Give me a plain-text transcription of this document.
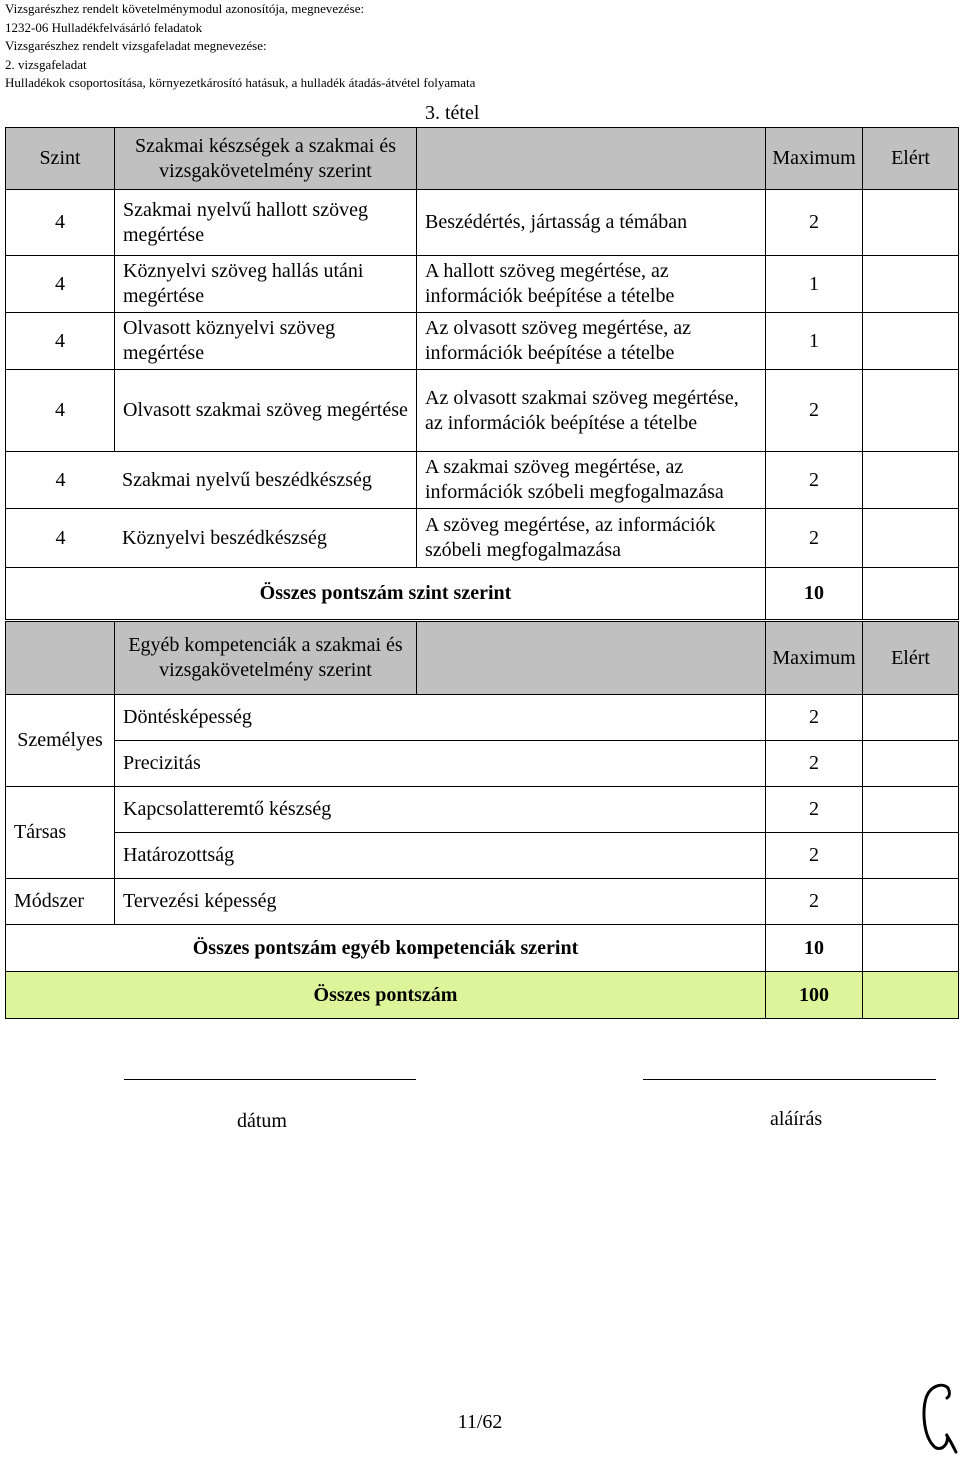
Vizsgarészhez rendelt követelménymodul azonosítója, megnevezése:
1232-06 Hulladékfelvásárló feladatok
Vizsgarészhez rendelt vizsgafeladat megnevezése:
2. vizsgafeladat
Hulladékok csoportosítása, környezetkárosító hatásuk, a hulladék átadás-átvétel folyamata
3. tétel
Szint	Szakmai készségek a szakmai és vizsgakövetelmény szerint		Maximum	Elért
4	Szakmai nyelvű hallott szöveg megértése	Beszédértés, jártasság a témában	2	
4	Köznyelvi szöveg hallás utáni megértése	A hallott szöveg megértése, az információk beépítése a tételbe	1	
4	Olvasott köznyelvi szöveg megértése	Az olvasott szöveg megértése, az információk beépítése a tételbe	1	
4	Olvasott szakmai szöveg megértése	Az olvasott szakmai szöveg megértése, az információk beépítése a tételbe	2	

4 Szakmai nyelvű beszédkészség		A szakmai szöveg megértése, az információk szóbeli megfogalmazása	2	

4 Köznyelvi beszédkészség		A szöveg megértése, az információk szóbeli megfogalmazása	2	
Összes pontszám szint szerint			10	
	Egyéb kompetenciák a szakmai és vizsgakövetelmény szerint		Maximum	Elért
Személyes	Döntésképesség		2	
	Precizitás		2	
Társas	Kapcsolatteremtő készség		2	
	Határozottság		2	
Módszer	Tervezési képesség		2	
Összes pontszám egyéb kompetenciák szerint			10	
Összes pontszám			100	
dátum	aláírás
11/62
